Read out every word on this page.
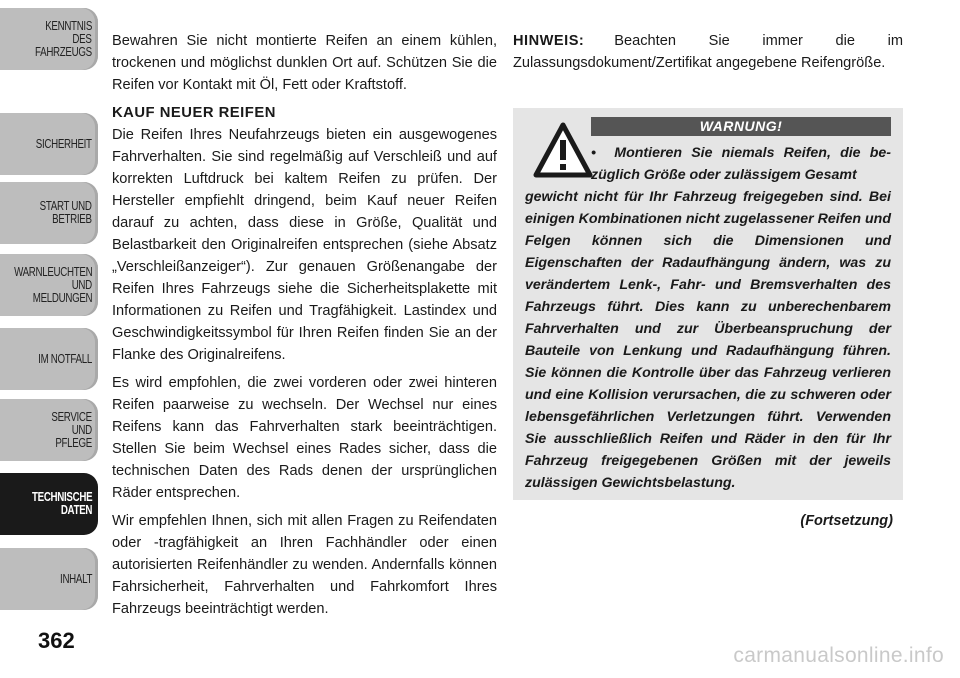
KENNTNIS
DES
FAHRZEUGS
SICHERHEIT
START UND
BETRIEB
WARNLEUCHTEN
UND
MELDUNGEN
IM NOTFALL
SERVICE
UND
PFLEGE
TECHNISCHE
DATEN
INHALT
362

Bewahren Sie nicht montierte Reifen an einem kühlen, trockenen und möglichst dunklen Ort auf. Schützen Sie die Reifen vor Kontakt mit Öl, Fett oder Kraftstoff.

KAUF NEUER REIFEN

Die Reifen Ihres Neufahrzeugs bieten ein ausgewogenes Fahrverhalten. Sie sind regelmäßig auf Verschleiß und auf korrekten Luftdruck bei kaltem Reifen zu prüfen. Der Hersteller empfiehlt dringend, beim Kauf neuer Reifen darauf zu achten, dass diese in Größe, Qualität und Belastbarkeit den Originalreifen entsprechen (siehe Absatz „Verschleißanzeiger“). Zur genauen Größenangabe der Reifen Ihres Fahrzeugs siehe die Sicherheitsplakette mit Informationen zu Reifen und Tragfähigkeit. Lastindex und Geschwindigkeitssymbol für Ihren Reifen finden Sie an der Flanke des Originalreifens.

Es wird empfohlen, die zwei vorderen oder zwei hinteren Reifen paarweise zu wechseln. Der Wechsel nur eines Reifens kann das Fahrverhalten stark beeinträchtigen. Stellen Sie beim Wechsel eines Rades sicher, dass die technischen Daten des Rads denen der ursprünglichen Räder entsprechen.

Wir empfehlen Ihnen, sich mit allen Fragen zu Reifendaten oder -tragfähigkeit an Ihren Fachhändler oder einen autorisierten Reifenhändler zu wenden. Andernfalls können Fahrsicherheit, Fahrverhalten und Fahrkomfort Ihres Fahrzeugs beeinträchtigt werden.

HINWEIS: Beachten Sie immer die im Zulassungsdokument/Zertifikat angegebene Reifengröße.

WARNUNG!
• Montieren Sie niemals Reifen, die bezüglich Größe oder zulässigem Gesamt
gewicht nicht für Ihr Fahrzeug freigegeben sind. Bei einigen Kombinationen nicht zugelassener Reifen und Felgen können sich die Dimensionen und Eigenschaften der Radaufhängung ändern, was zu verändertem Lenk-, Fahr- und Bremsverhalten des Fahrzeugs führt. Dies kann zu unberechenbarem Fahrverhalten und zur Überbeanspruchung der Bauteile von Lenkung und Radaufhängung führen. Sie können die Kontrolle über das Fahrzeug verlieren und eine Kollision verursachen, die zu schweren oder lebensgefährlichen Verletzungen führt. Verwenden Sie ausschließlich Reifen und Räder in den für Ihr Fahrzeug freigegebenen Größen mit der jeweils zulässigen Gewichtsbelastung.
(Fortsetzung)
carmanualsonline.info
